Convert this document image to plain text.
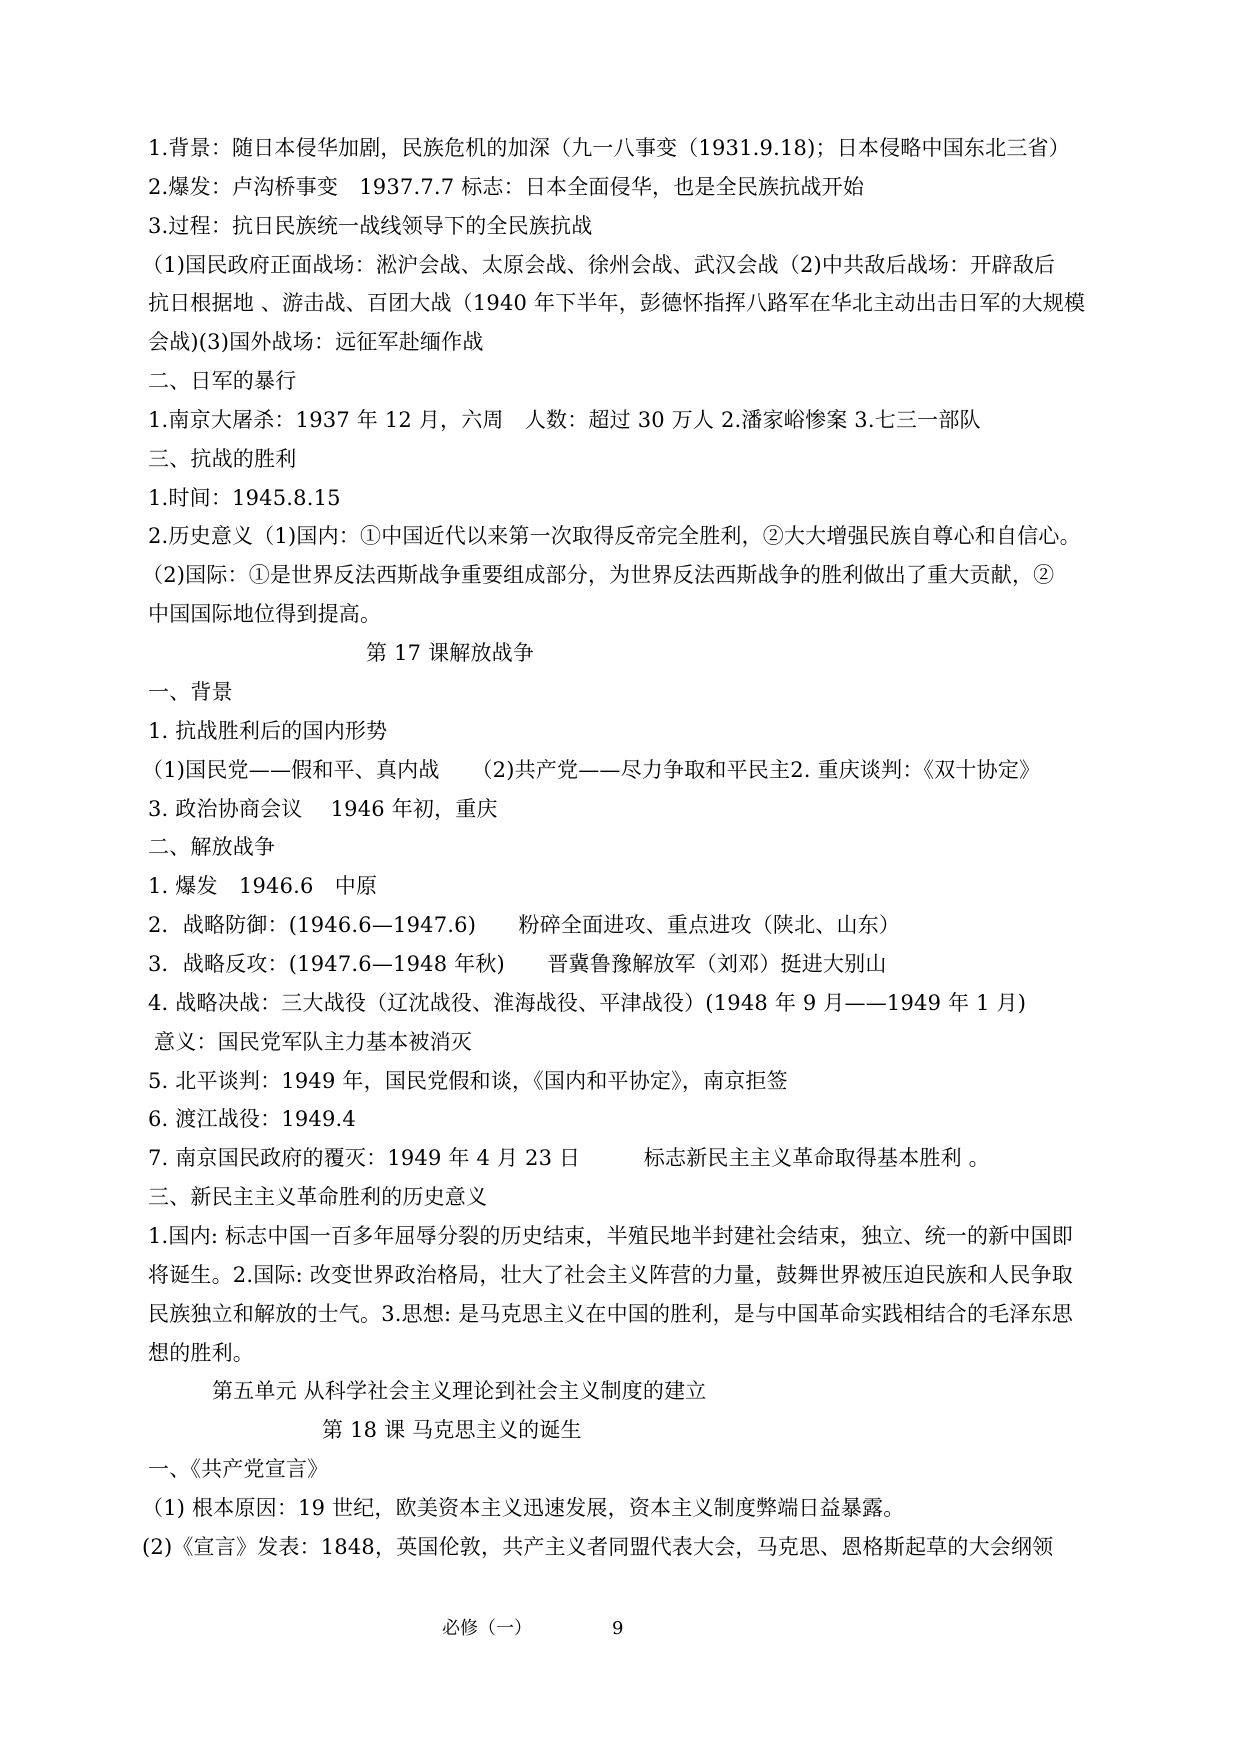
1.背景：随日本侵华加剧，民族危机的加深（九一八事变（1931.9.18)；日本侵略中国东北三省）
2.爆发：卢沟桥事变　1937.7.7 标志：日本全面侵华，也是全民族抗战开始
3.过程：抗日民族统一战线领导下的全民族抗战
（1)国民政府正面战场：淞沪会战、太原会战、徐州会战、武汉会战（2)中共敌后战场：开辟敌后
抗日根据地 、游击战、百团大战（1940 年下半年，彭德怀指挥八路军在华北主动出击日军的大规模
会战)(3)国外战场：远征军赴缅作战
二、日军的暴行
1.南京大屠杀：1937 年 12 月，六周　人数：超过 30 万人 2.潘家峪惨案 3.七三一部队
三、抗战的胜利
1.时间：1945.8.15
2.历史意义（1)国内：①中国近代以来第一次取得反帝完全胜利，②大大增强民族自尊心和自信心。
（2)国际：①是世界反法西斯战争重要组成部分，为世界反法西斯战争的胜利做出了重大贡献，②
中国国际地位得到提高。
第 17 课解放战争
一、背景
1. 抗战胜利后的国内形势
（1)国民党——假和平、真内战　　（2)共产党——尽力争取和平民主2. 重庆谈判：《双十协定》
3. 政治协商会议　 1946 年初，重庆
二、解放战争
1. 爆发　1946.6　中原
2．战略防御：(1946.6—1947.6)　　粉碎全面进攻、重点进攻（陕北、山东）
3．战略反攻：(1947.6—1948 年秋)　　晋冀鲁豫解放军（刘邓）挺进大别山
4. 战略决战：三大战役（辽沈战役、淮海战役、平津战役）(1948 年 9 月——1949 年 1 月)
意义：国民党军队主力基本被消灭
5. 北平谈判：1949 年，国民党假和谈，《国内和平协定》，南京拒签
6. 渡江战役：1949.4
7. 南京国民政府的覆灭：1949 年 4 月 23 日　　　标志新民主主义革命取得基本胜利 。
三、新民主主义革命胜利的历史意义
1.国内: 标志中国一百多年屈辱分裂的历史结束，半殖民地半封建社会结束，独立、统一的新中国即
将诞生。2.国际: 改变世界政治格局，壮大了社会主义阵营的力量，鼓舞世界被压迫民族和人民争取
民族独立和解放的士气。3.思想: 是马克思主义在中国的胜利，是与中国革命实践相结合的毛泽东思
想的胜利。
第五单元 从科学社会主义理论到社会主义制度的建立
第 18 课 马克思主义的诞生
一、《共产党宣言》
（1) 根本原因：19 世纪，欧美资本主义迅速发展，资本主义制度弊端日益暴露。
(2)《宣言》发表：1848，英国伦敦，共产主义者同盟代表大会，马克思、恩格斯起草的大会纲领
必修（一）	9
